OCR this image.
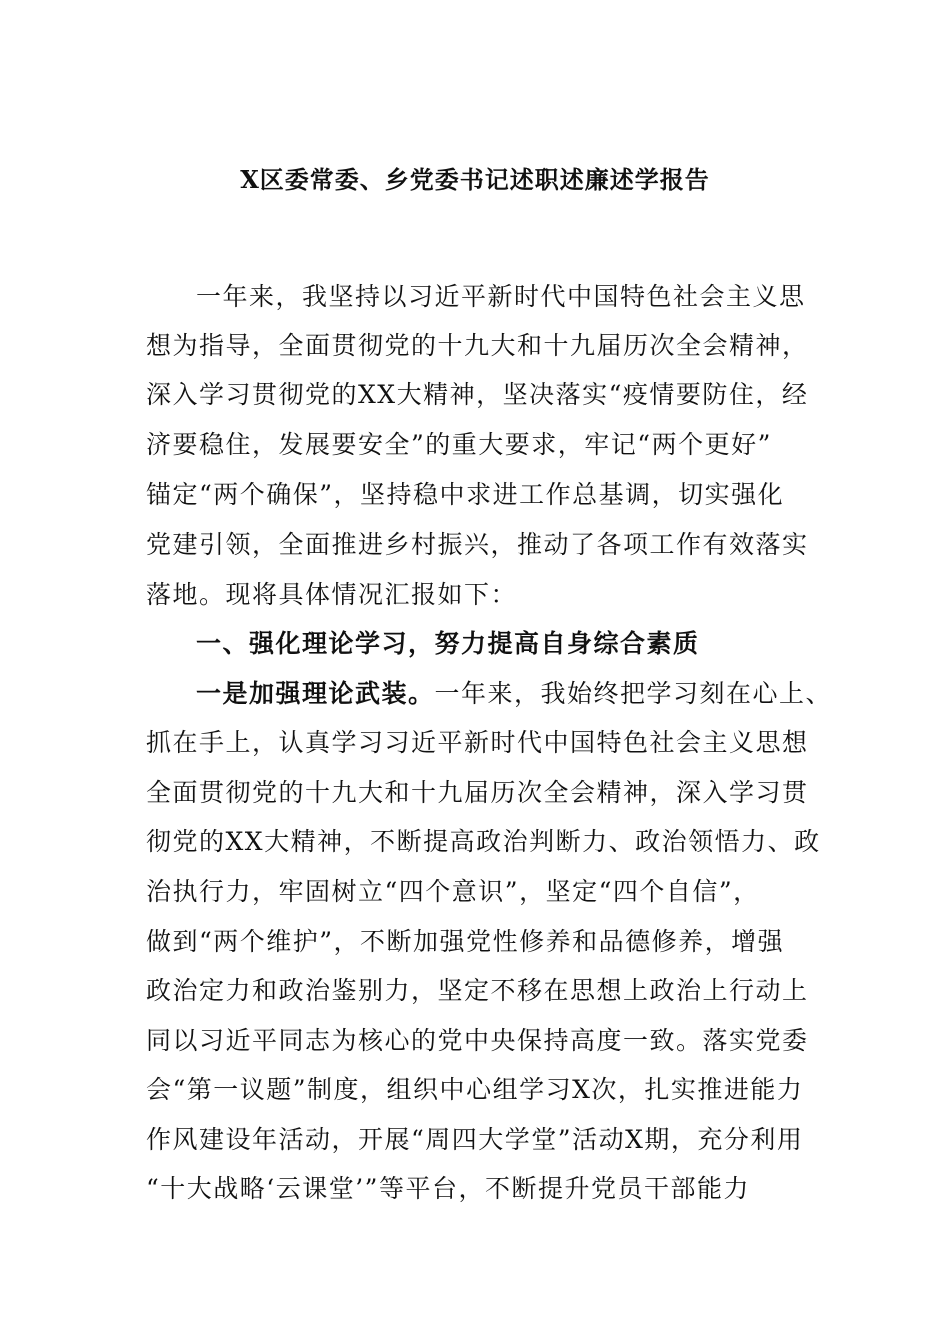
X区委常委、乡党委书记述职述廉述学报告
一年来，我坚持以习近平新时代中国特色社会主义思
想为指导，全面贯彻党的十九大和十九届历次全会精神，
深入学习贯彻党的XX大精神，坚决落实“疫情要防住，经
济要稳住，发展要安全”的重大要求，牢记“两个更好”
锚定“两个确保”，坚持稳中求进工作总基调，切实强化
党建引领，全面推进乡村振兴，推动了各项工作有效落实
落地。现将具体情况汇报如下：
一、强化理论学习，努力提高自身综合素质
一是加强理论武装。一年来，我始终把学习刻在心上、
抓在手上，认真学习习近平新时代中国特色社会主义思想
全面贯彻党的十九大和十九届历次全会精神，深入学习贯
彻党的XX大精神，不断提高政治判断力、政治领悟力、政
治执行力，牢固树立“四个意识”，坚定“四个自信”，
做到“两个维护”，不断加强党性修养和品德修养，增强
政治定力和政治鉴别力，坚定不移在思想上政治上行动上
同以习近平同志为核心的党中央保持高度一致。落实党委
会“第一议题”制度，组织中心组学习X次，扎实推进能力
作风建设年活动，开展“周四大学堂”活动X期，充分利用
“十大战略‘云课堂’”等平台，不断提升党员干部能力
